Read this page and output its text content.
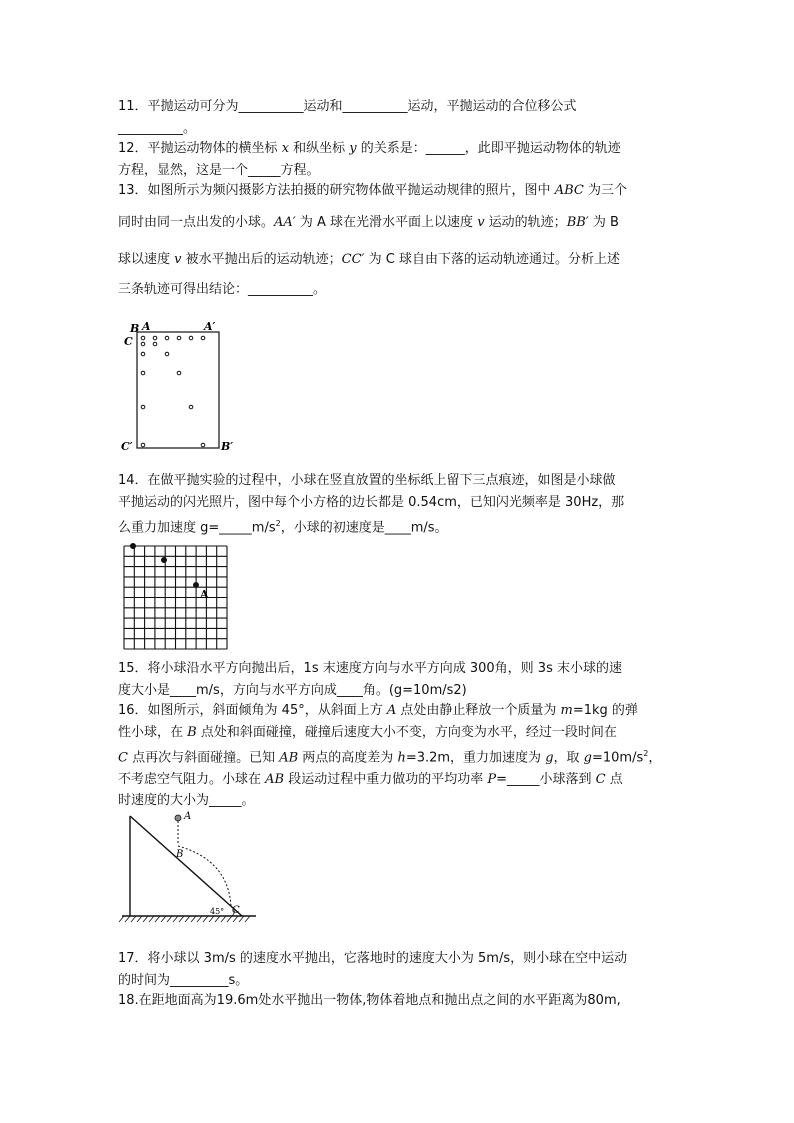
11．平抛运动可分为__________运动和__________运动，平抛运动的合位移公式
__________。
12．平抛运动物体的横坐标 x 和纵坐标 y 的关系是：______，此即平抛运动物体的轨迹
方程，显然，这是一个_____方程。
13．如图所示为频闪摄影方法拍摄的研究物体做平抛运动规律的照片，图中 ABC 为三个
同时由同一点出发的小球。AA′ 为 A 球在光滑水平面上以速度 v 运动的轨迹；BB′ 为 B
球以速度 v 被水平抛出后的运动轨迹；CC′ 为 C 球自由下落的运动轨迹通过。分析上述
三条轨迹可得出结论：__________。
B A	A′
C
C′	B′
14．在做平抛实验的过程中，小球在竖直放置的坐标纸上留下三点痕迹，如图是小球做
平抛运动的闪光照片，图中每个小方格的边长都是 0.54cm，已知闪光频率是 30Hz，那
么重力加速度 $g=\_\_\_\_\_m/s^2$，小球的初速度是____m/s。
A
15．将小球沿水平方向抛出后，1s 末速度方向与水平方向成 300角，则 3s 末小球的速
度大小是____m/s，方向与水平方向成____角。(g=10m/s2)
16．如图所示，斜面倾角为 45°，从斜面上方 A 点处由静止释放一个质量为 m=1kg 的弹
性小球，在 B 点处和斜面碰撞，碰撞后速度大小不变，方向变为水平，经过一段时间在
C 点再次与斜面碰撞。已知 AB 两点的高度差为 h=3.2m，重力加速度为 g，取 $g=10m/s^2$，
不考虑空气阻力。小球在 AB 段运动过程中重力做功的平均功率 P=_____小球落到 C 点
时速度的大小为_____。
A
B
C
45°
17．将小球以 3m/s 的速度水平抛出，它落地时的速度大小为 5m/s，则小球在空中运动
的时间为_________s。
18.在距地面高为19.6m处水平抛出一物体,物体着地点和抛出点之间的水平距离为80m,
